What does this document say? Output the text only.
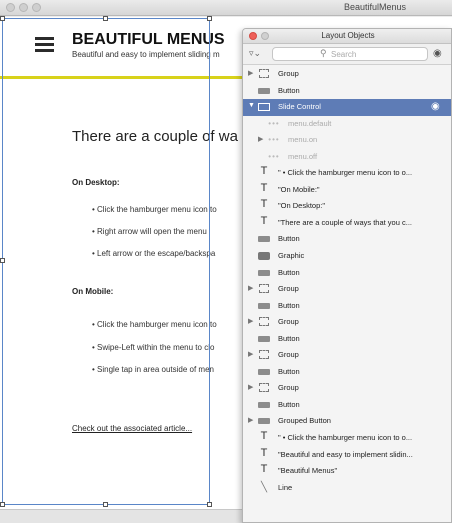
BeautifulMenus
BEAUTIFUL MENUS
Beautiful and easy to implement sliding m
There are a couple of wa
On Desktop:
• Click the hamburger menu icon to
• Right arrow will open the menu
• Left arrow or the escape/backspa
On Mobile:
• Click the hamburger menu icon to
• Swipe-Left within the menu to clo
• Single tap in area outside of men
Check out the associated article...
Layout Objects
▿⌄	⚲
Search	◉
▶	Group
Button
▼	Slide Control	◉
••• menu.default
▶ ••• menu.on
••• menu.off
T	" • Click the hamburger menu icon to o...
T	"On Mobile:"
T	"On Desktop:"
T	"There are a couple of ways that you c...
Button
Graphic
Button
▶	Group
Button
▶	Group
Button
▶	Group
Button
▶	Group
Button
▶	Grouped Button
T	" • Click the hamburger menu icon to o...
T	"Beautiful and easy to implement slidin...
T	"Beautiful Menus"
╲	Line
